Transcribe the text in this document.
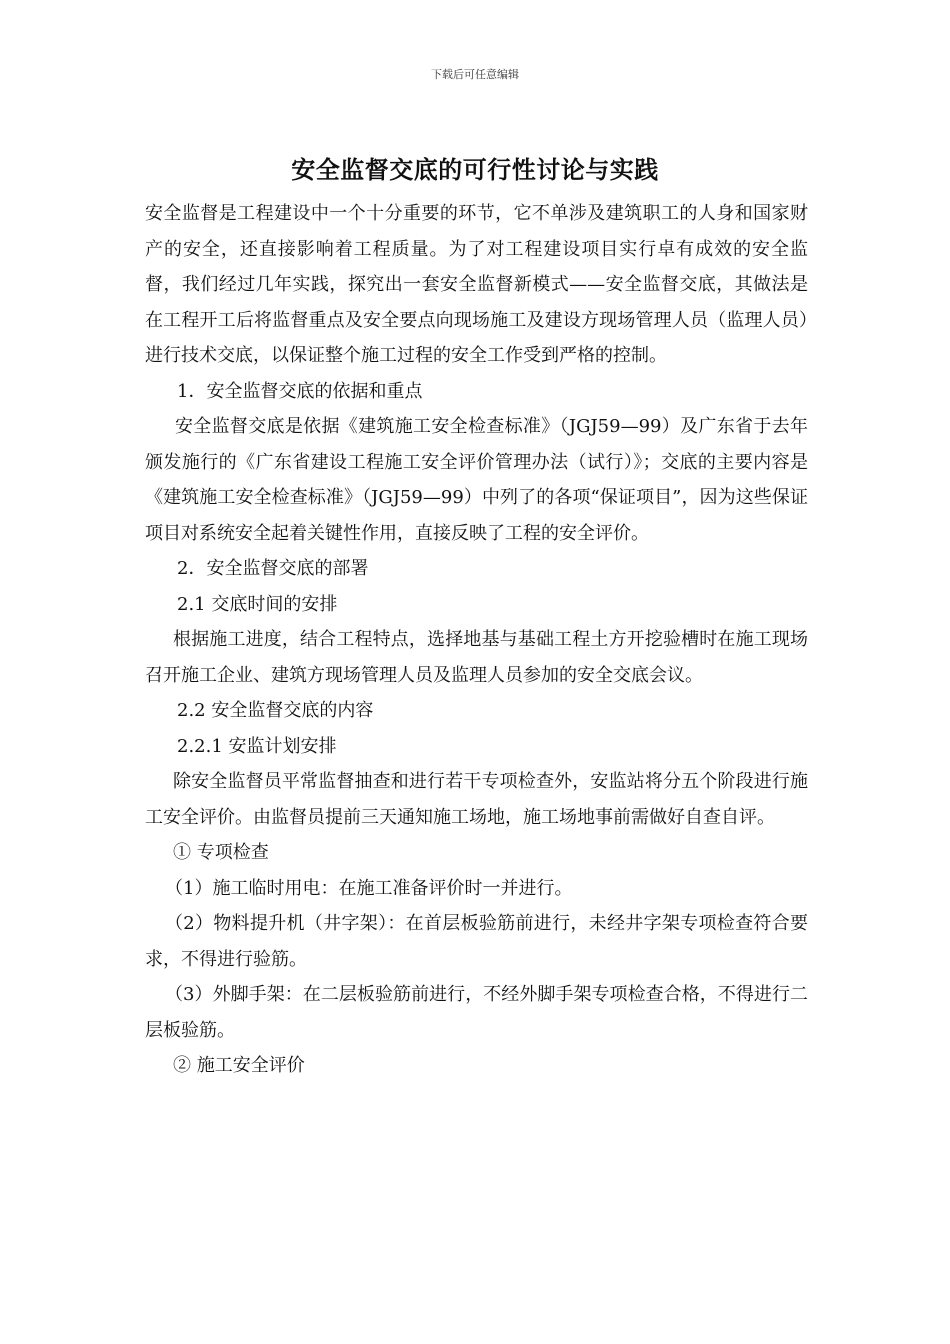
下载后可任意编辑
安全监督交底的可行性讨论与实践

安全监督是工程建设中一个十分重要的环节，它不单涉及建筑职工的人身和国家财产的安全，还直接影响着工程质量。为了对工程建设项目实行卓有成效的安全监督，我们经过几年实践，探究出一套安全监督新模式——安全监督交底，其做法是在工程开工后将监督重点及安全要点向现场施工及建设方现场管理人员（监理人员）进行技术交底，以保证整个施工过程的安全工作受到严格的控制。

1．安全监督交底的依据和重点

安全监督交底是依据《建筑施工安全检查标准》（JGJ59—99）及广东省于去年颁发施行的《广东省建设工程施工安全评价管理办法（试行）》；交底的主要内容是《建筑施工安全检查标准》（JGJ59—99）中列了的各项“保证项目”，因为这些保证项目对系统安全起着关键性作用，直接反映了工程的安全评价。

2．安全监督交底的部署

2.1 交底时间的安排

根据施工进度，结合工程特点，选择地基与基础工程土方开挖验槽时在施工现场召开施工企业、建筑方现场管理人员及监理人员参加的安全交底会议。

2.2 安全监督交底的内容

2.2.1 安监计划安排

除安全监督员平常监督抽查和进行若干专项检查外，安监站将分五个阶段进行施工安全评价。由监督员提前三天通知施工场地，施工场地事前需做好自查自评。

① 专项检查

（1）施工临时用电：在施工准备评价时一并进行。

（2）物料提升机（井字架）：在首层板验筋前进行，未经井字架专项检查符合要求，不得进行验筋。

（3）外脚手架：在二层板验筋前进行，不经外脚手架专项检查合格，不得进行二层板验筋。

② 施工安全评价
